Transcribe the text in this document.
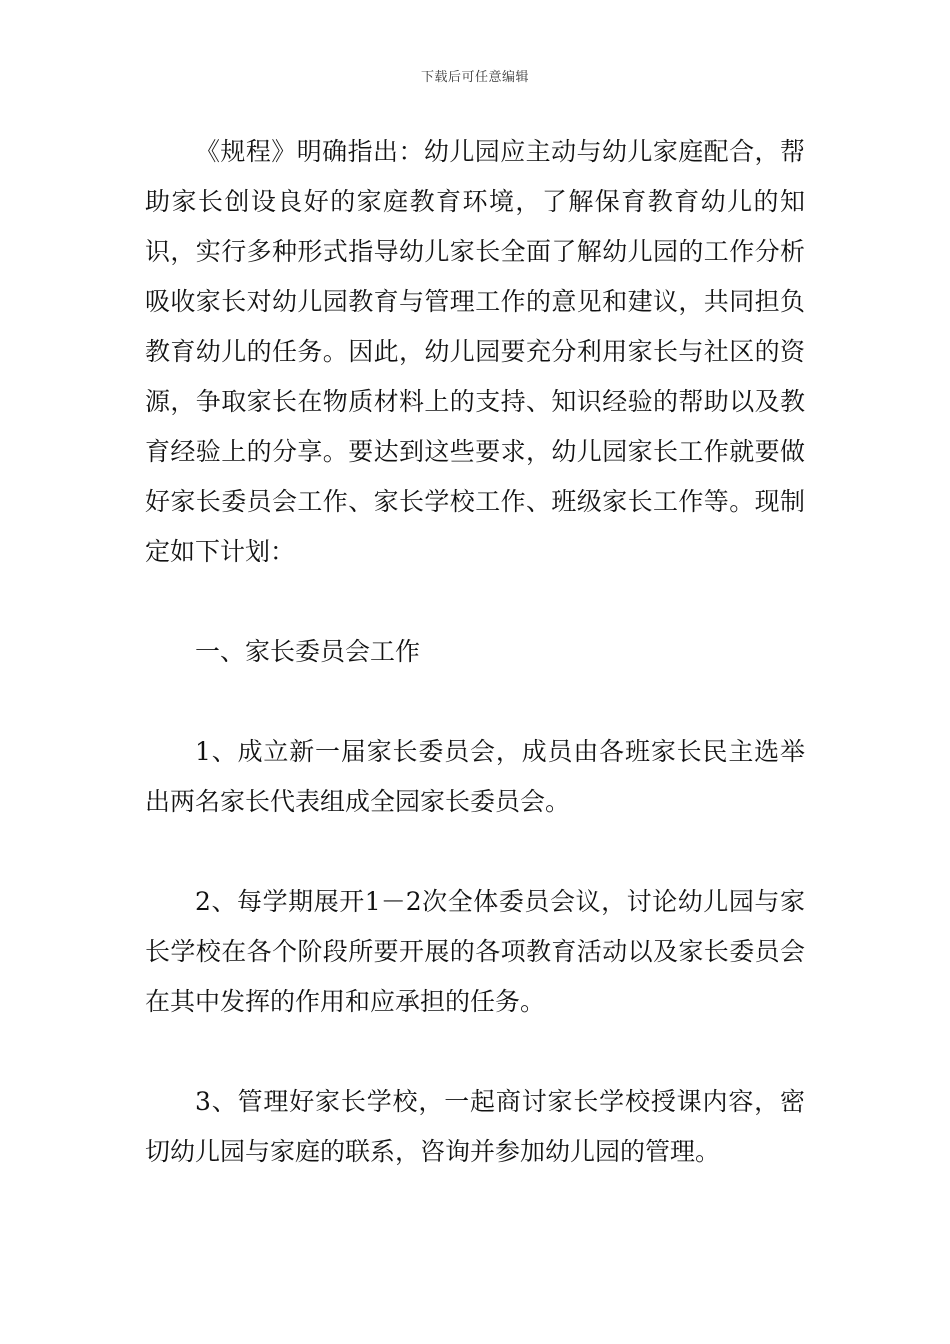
下载后可任意编辑

《规程》明确指出：幼儿园应主动与幼儿家庭配合，帮助家长创设良好的家庭教育环境，了解保育教育幼儿的知识，实行多种形式指导幼儿家长全面了解幼儿园的工作分析吸收家长对幼儿园教育与管理工作的意见和建议，共同担负教育幼儿的任务。因此，幼儿园要充分利用家长与社区的资源，争取家长在物质材料上的支持、知识经验的帮助以及教育经验上的分享。要达到这些要求，幼儿园家长工作就要做好家长委员会工作、家长学校工作、班级家长工作等。现制定如下计划：

一、家长委员会工作

1、成立新一届家长委员会，成员由各班家长民主选举出两名家长代表组成全园家长委员会。

2、每学期展开1－2次全体委员会议，讨论幼儿园与家长学校在各个阶段所要开展的各项教育活动以及家长委员会在其中发挥的作用和应承担的任务。

3、管理好家长学校，一起商讨家长学校授课内容，密切幼儿园与家庭的联系，咨询并参加幼儿园的管理。
